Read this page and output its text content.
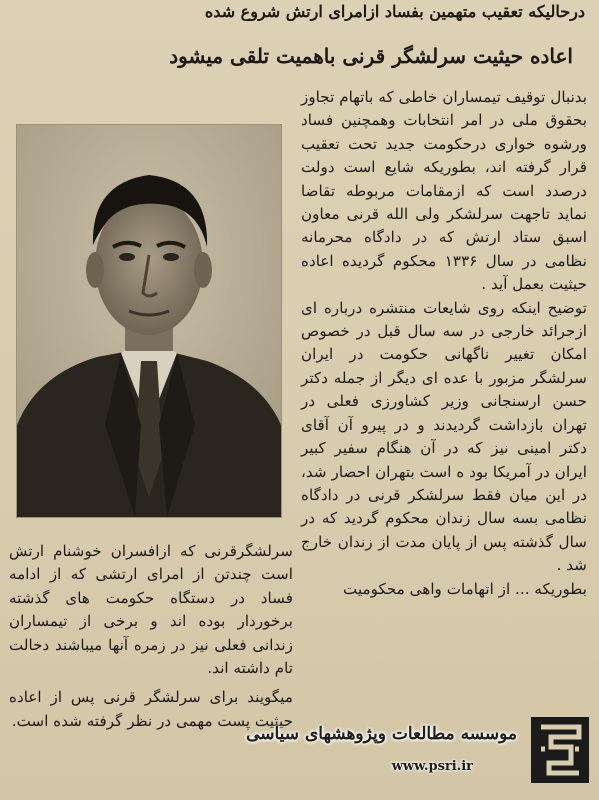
درحالیکه تعقیب متهمین بفساد ازامرای ارتش شروع شده
اعاده حیثیت سرلشگر قرنی باهمیت تلقی میشود

بدنبال توقیف تیمساران خاطی که باتهام تجاوز بحقوق ملی در امر انتخابات وهمچنین فساد ورشوه خواری درحکومت جدید تحت تعقیب قرار گرفته اند، بطوریکه شایع است دولت درصدد است که ازمقامات مربوطه تقاضا نماید تاجهت سرلشکر ولی الله قرنی معاون اسبق ستاد ارتش که در دادگاه محرمانه نظامی در سال ۱۳۳۶ محکوم گردیده اعاده حیثیت بعمل آید .

توضیح اینکه روی شایعات منتشره درباره ای ازجرائد خارجی در سه سال قبل در خصوص امکان تغییر ناگهانی حکومت در ایران سرلشگر مزبور با عده ای دیگر از جمله دکتر حسن ارسنجانی وزیر کشاورزی فعلی در تهران بازداشت گردیدند و در پیرو آن آقای دکتر امینی نیز که در آن هنگام سفیر کبیر ایران در آمریکا بود ه است بتهران احضار شد، در این میان فقط سرلشکر قرنی در دادگاه نظامی بسه سال زندان محکوم گردید که در سال گذشته پس از پایان مدت از زندان خارج شد .

بطوریکه ... از اتهامات واهی محکومیت

سرلشگرقرنی که ازافسران خوشنام ارتش است چندتن از امرای ارتشی که از ادامه فساد در دستگاه حکومت های گذشته برخوردار بوده اند و برخی از تیمساران زندانی فعلی نیز در زمره آنها میباشند دخالت تام داشته اند.

میگویند برای سرلشگر قرنی پس از اعاده حیثیت پست مهمی در نظر گرفته شده است.

موسسه مطالعات وپژوهشهای سیاسی
www.psri.ir
